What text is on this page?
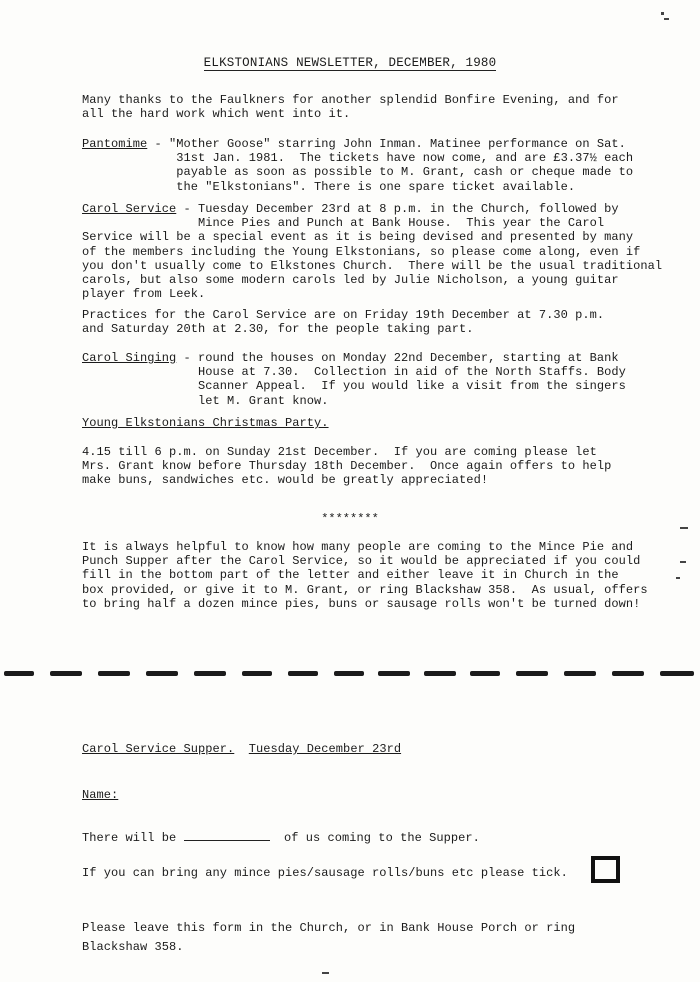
ELKSTONIANS NEWSLETTER, DECEMBER, 1980
Many thanks to the Faulkners for another splendid Bonfire Evening, and for
all the hard work which went into it.
Pantomime - "Mother Goose" starring John Inman. Matinee performance on Sat.
31st Jan. 1981.  The tickets have now come, and are £3.37½ each
payable as soon as possible to M. Grant, cash or cheque made to
the "Elkstonians". There is one spare ticket available.
Carol Service - Tuesday December 23rd at 8 p.m. in the Church, followed by
Mince Pies and Punch at Bank House.  This year the Carol
Service will be a special event as it is being devised and presented by many
of the members including the Young Elkstonians, so please come along, even if
you don't usually come to Elkstones Church.  There will be the usual traditional
carols, but also some modern carols led by Julie Nicholson, a young guitar
player from Leek.
Practices for the Carol Service are on Friday 19th December at 7.30 p.m.
and Saturday 20th at 2.30, for the people taking part.
Carol Singing - round the houses on Monday 22nd December, starting at Bank
House at 7.30.  Collection in aid of the North Staffs. Body
Scanner Appeal.  If you would like a visit from the singers
let M. Grant know.
Young Elkstonians Christmas Party.
4.15 till 6 p.m. on Sunday 21st December.  If you are coming please let
Mrs. Grant know before Thursday 18th December.  Once again offers to help
make buns, sandwiches etc. would be greatly appreciated!
********
It is always helpful to know how many people are coming to the Mince Pie and
Punch Supper after the Carol Service, so it would be appreciated if you could
fill in the bottom part of the letter and either leave it in Church in the
box provided, or give it to M. Grant, or ring Blackshaw 358.  As usual, offers
to bring half a dozen mince pies, buns or sausage rolls won't be turned down!
Carol Service Supper. Tuesday December 23rd
Name:
There will be	of us coming to the Supper.
If you can bring any mince pies/sausage rolls/buns etc please tick.
Please leave this form in the Church, or in Bank House Porch or ring
Blackshaw 358.
